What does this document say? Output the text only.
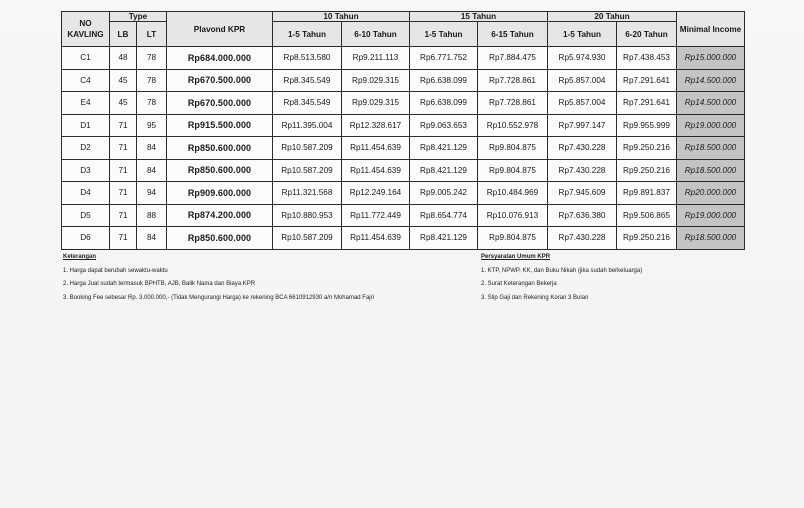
NO KAVLING	Type		Plavond KPR	10 Tahun		15 Tahun		20 Tahun		Minimal Income
	LB	LT		1-5 Tahun	6-10 Tahun	1-5 Tahun	6-15 Tahun	1-5 Tahun	6-20 Tahun	
C1	48	78	Rp684.000.000	Rp8.513.580	Rp9.211.113	Rp6.771.752	Rp7.884.475	Rp5.974.930	Rp7.438.453	Rp15.000.000
C4	45	78	Rp670.500.000	Rp8.345.549	Rp9.029.315	Rp6.638.099	Rp7.728.861	Rp5.857.004	Rp7.291.641	Rp14.500.000
E4	45	78	Rp670.500.000	Rp8.345.549	Rp9.029.315	Rp6.638.099	Rp7.728.861	Rp5.857.004	Rp7.291.641	Rp14.500.000
D1	71	95	Rp915.500.000	Rp11.395.004	Rp12.328.617	Rp9.063.653	Rp10.552.978	Rp7.997.147	Rp9.955.999	Rp19.000.000
D2	71	84	Rp850.600.000	Rp10.587.209	Rp11.454.639	Rp8.421.129	Rp9.804.875	Rp7.430.228	Rp9.250.216	Rp18.500.000
D3	71	84	Rp850.600.000	Rp10.587.209	Rp11.454.639	Rp8.421.129	Rp9.804.875	Rp7.430.228	Rp9.250.216	Rp18.500.000
D4	71	94	Rp909.600.000	Rp11.321.568	Rp12.249.164	Rp9.005.242	Rp10.484.969	Rp7.945.609	Rp9.891.837	Rp20.000.000
D5	71	88	Rp874.200.000	Rp10.880.953	Rp11.772.449	Rp8.654.774	Rp10.076.913	Rp7.636.380	Rp9.506.865	Rp19.000.000
D6	71	84	Rp850.600.000	Rp10.587.209	Rp11.454.639	Rp8.421.129	Rp9.804.875	Rp7.430.228	Rp9.250.216	Rp18.500.000
Keterangan
1. Harga dapat berubah sewaktu-waktu
2. Harga Jual sudah termasuk BPHTB, AJB, Balik Nama dan Biaya KPR
3. Booking Fee sebesar Rp. 3.000.000,- (Tidak Mengurangi Harga) ke rekening BCA 6610912930 a/n Mohamad Fajri
Persyaratan Umum KPR
1. KTP, NPWP, KK, dan Buku Nikah (jika sudah berkeluarga)
2. Surat Keterangan Bekerja
3. Slip Gaji dan Rekening Koran 3 Bulan
